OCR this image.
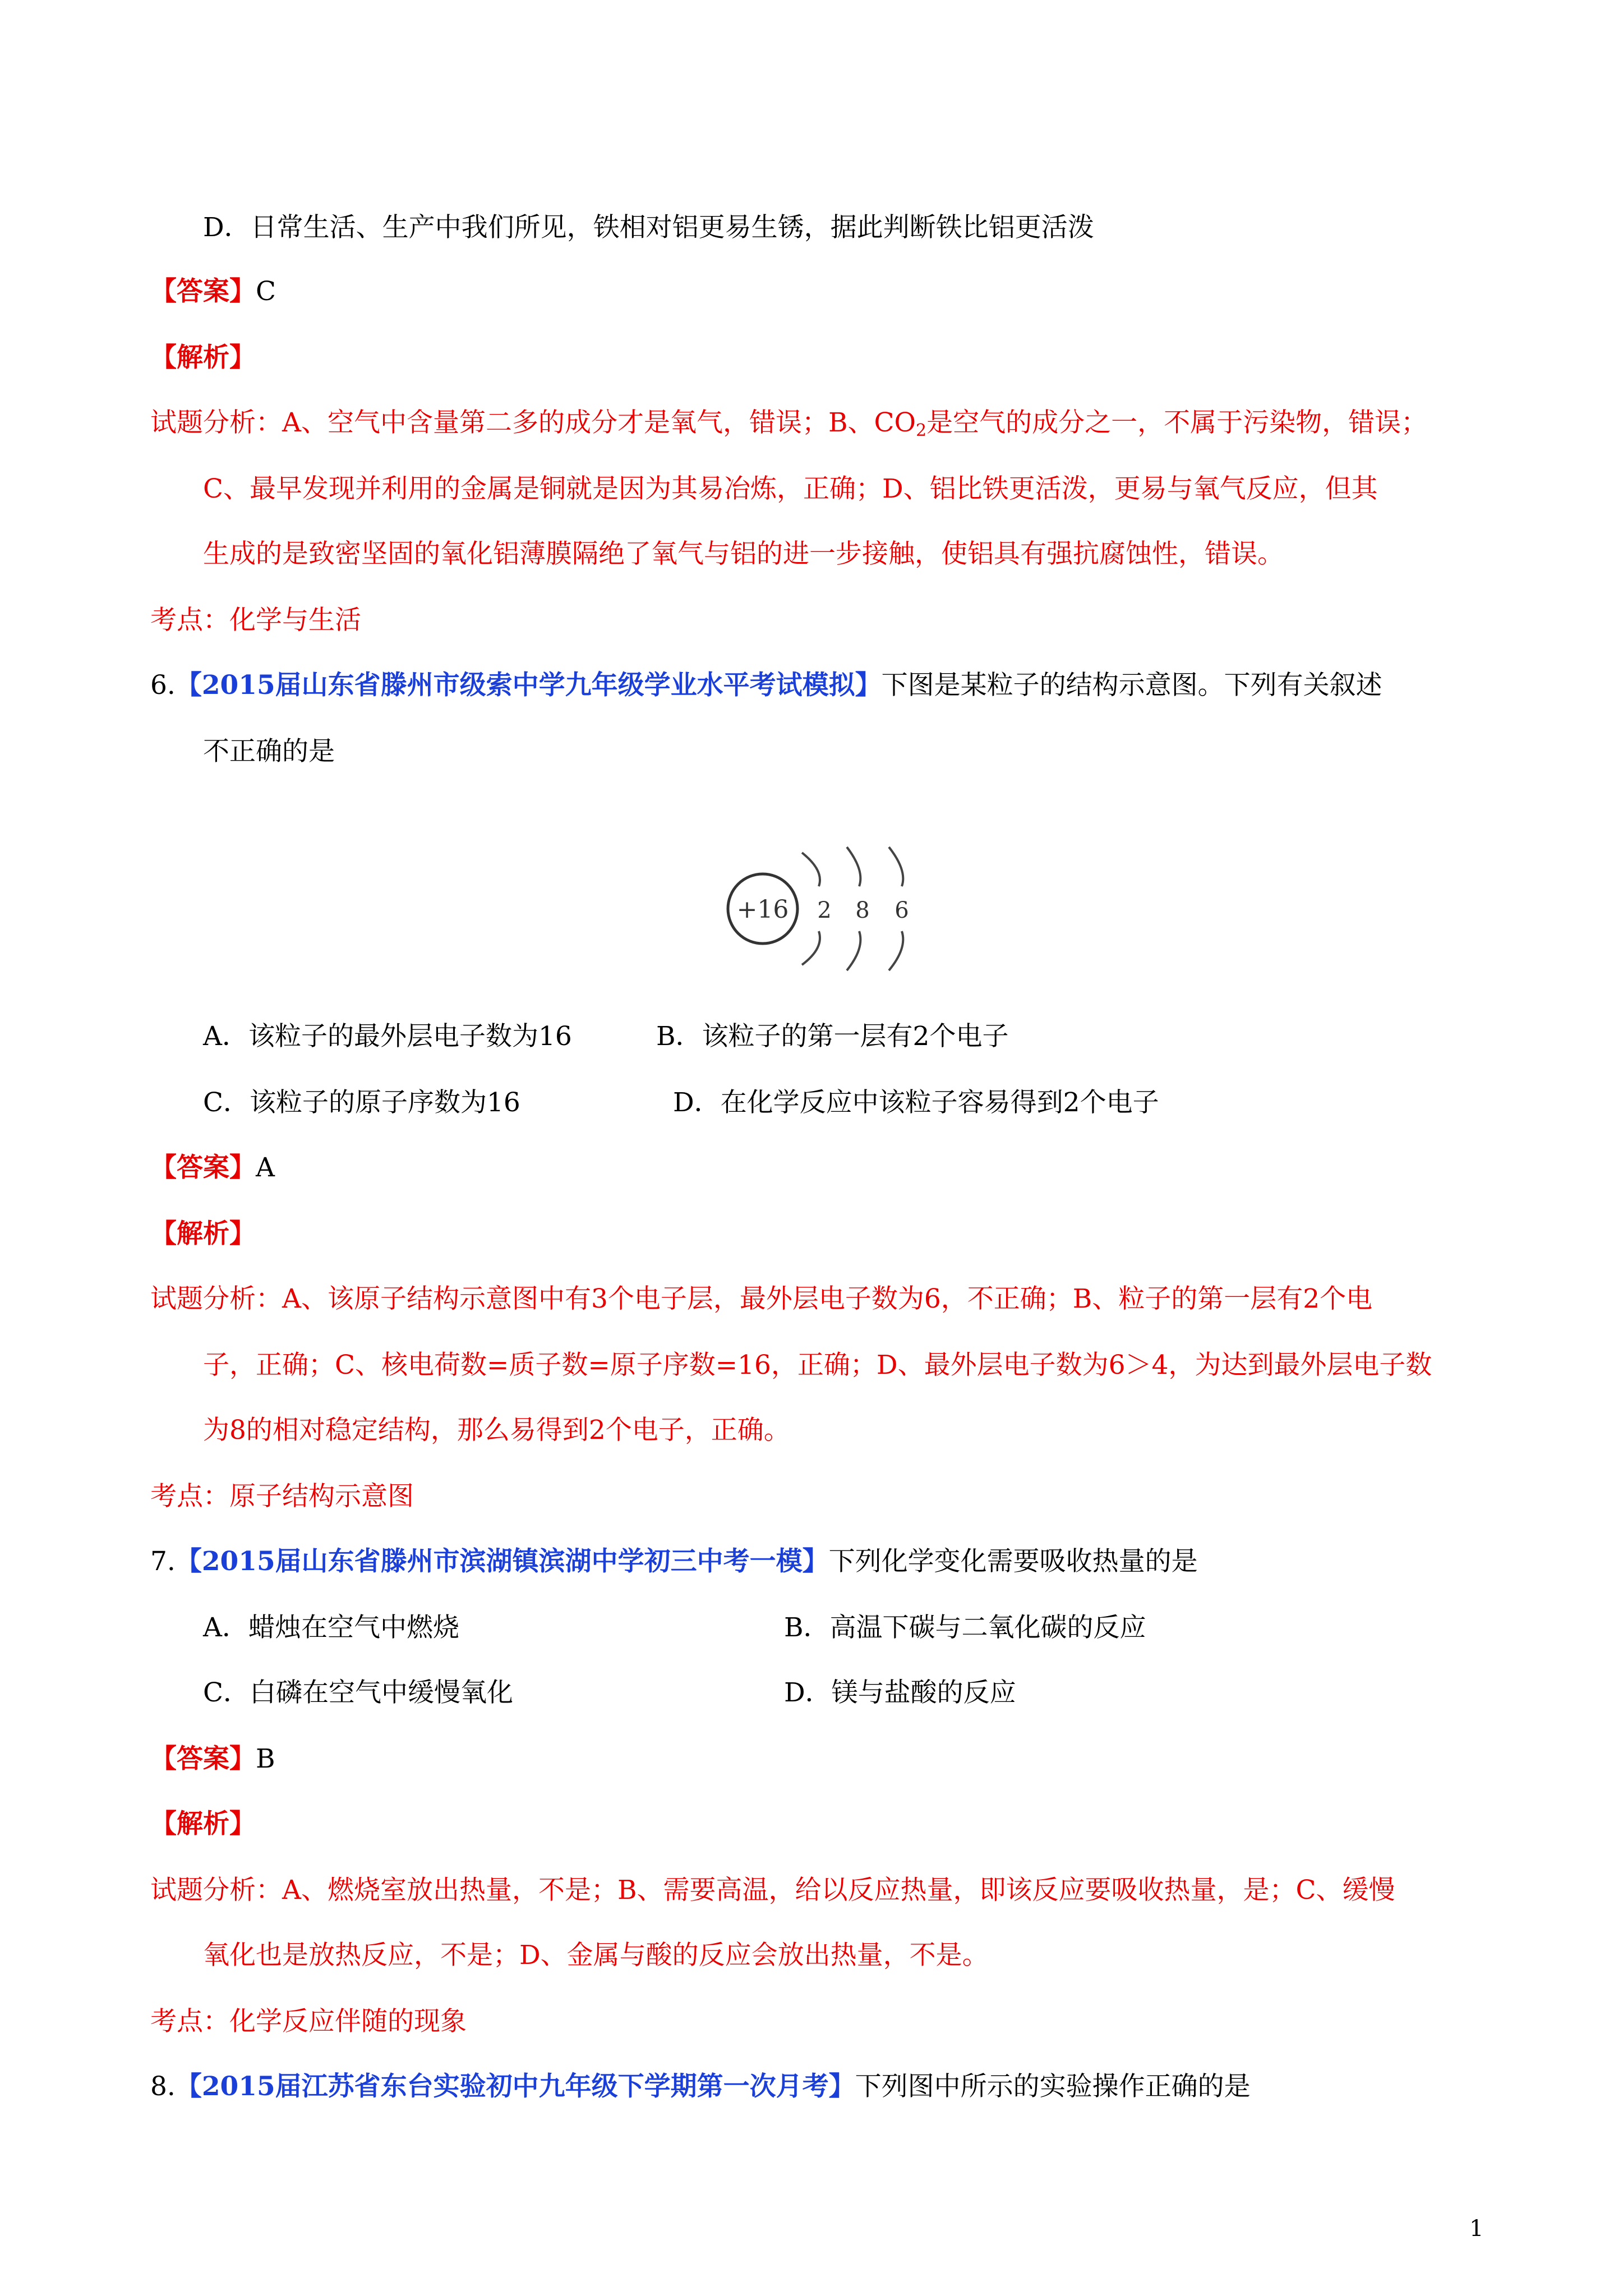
D．日常生活、生产中我们所见，铁相对铝更易生锈，据此判断铁比铝更活泼
【答案】C
【解析】
试题分析：A、空气中含量第二多的成分才是氧气，错误；B、$CO_2$是空气的成分之一，不属于污染物，错误；
C、最早发现并利用的金属是铜就是因为其易冶炼，正确；D、铝比铁更活泼，更易与氧气反应，但其
生成的是致密坚固的氧化铝薄膜隔绝了氧气与铝的进一步接触，使铝具有强抗腐蚀性，错误。
考点：化学与生活
6.【2015届山东省滕州市级索中学九年级学业水平考试模拟】下图是某粒子的结构示意图。下列有关叙述
不正确的是
+16 2 8 6
A．该粒子的最外层电子数为16	B．该粒子的第一层有2个电子
C．该粒子的原子序数为16	D．在化学反应中该粒子容易得到2个电子
【答案】A
【解析】
试题分析：A、该原子结构示意图中有3个电子层，最外层电子数为6，不正确；B、粒子的第一层有2个电
子，正确；C、核电荷数=质子数=原子序数=16，正确；D、最外层电子数为6＞4，为达到最外层电子数
为8的相对稳定结构，那么易得到2个电子，正确。
考点：原子结构示意图
7.【2015届山东省滕州市滨湖镇滨湖中学初三中考一模】下列化学变化需要吸收热量的是
A．蜡烛在空气中燃烧	B．高温下碳与二氧化碳的反应
C．白磷在空气中缓慢氧化	D．镁与盐酸的反应
【答案】B
【解析】
试题分析：A、燃烧室放出热量，不是；B、需要高温，给以反应热量，即该反应要吸收热量，是；C、缓慢
氧化也是放热反应，不是；D、金属与酸的反应会放出热量，不是。
考点：化学反应伴随的现象
8.【2015届江苏省东台实验初中九年级下学期第一次月考】下列图中所示的实验操作正确的是
1
